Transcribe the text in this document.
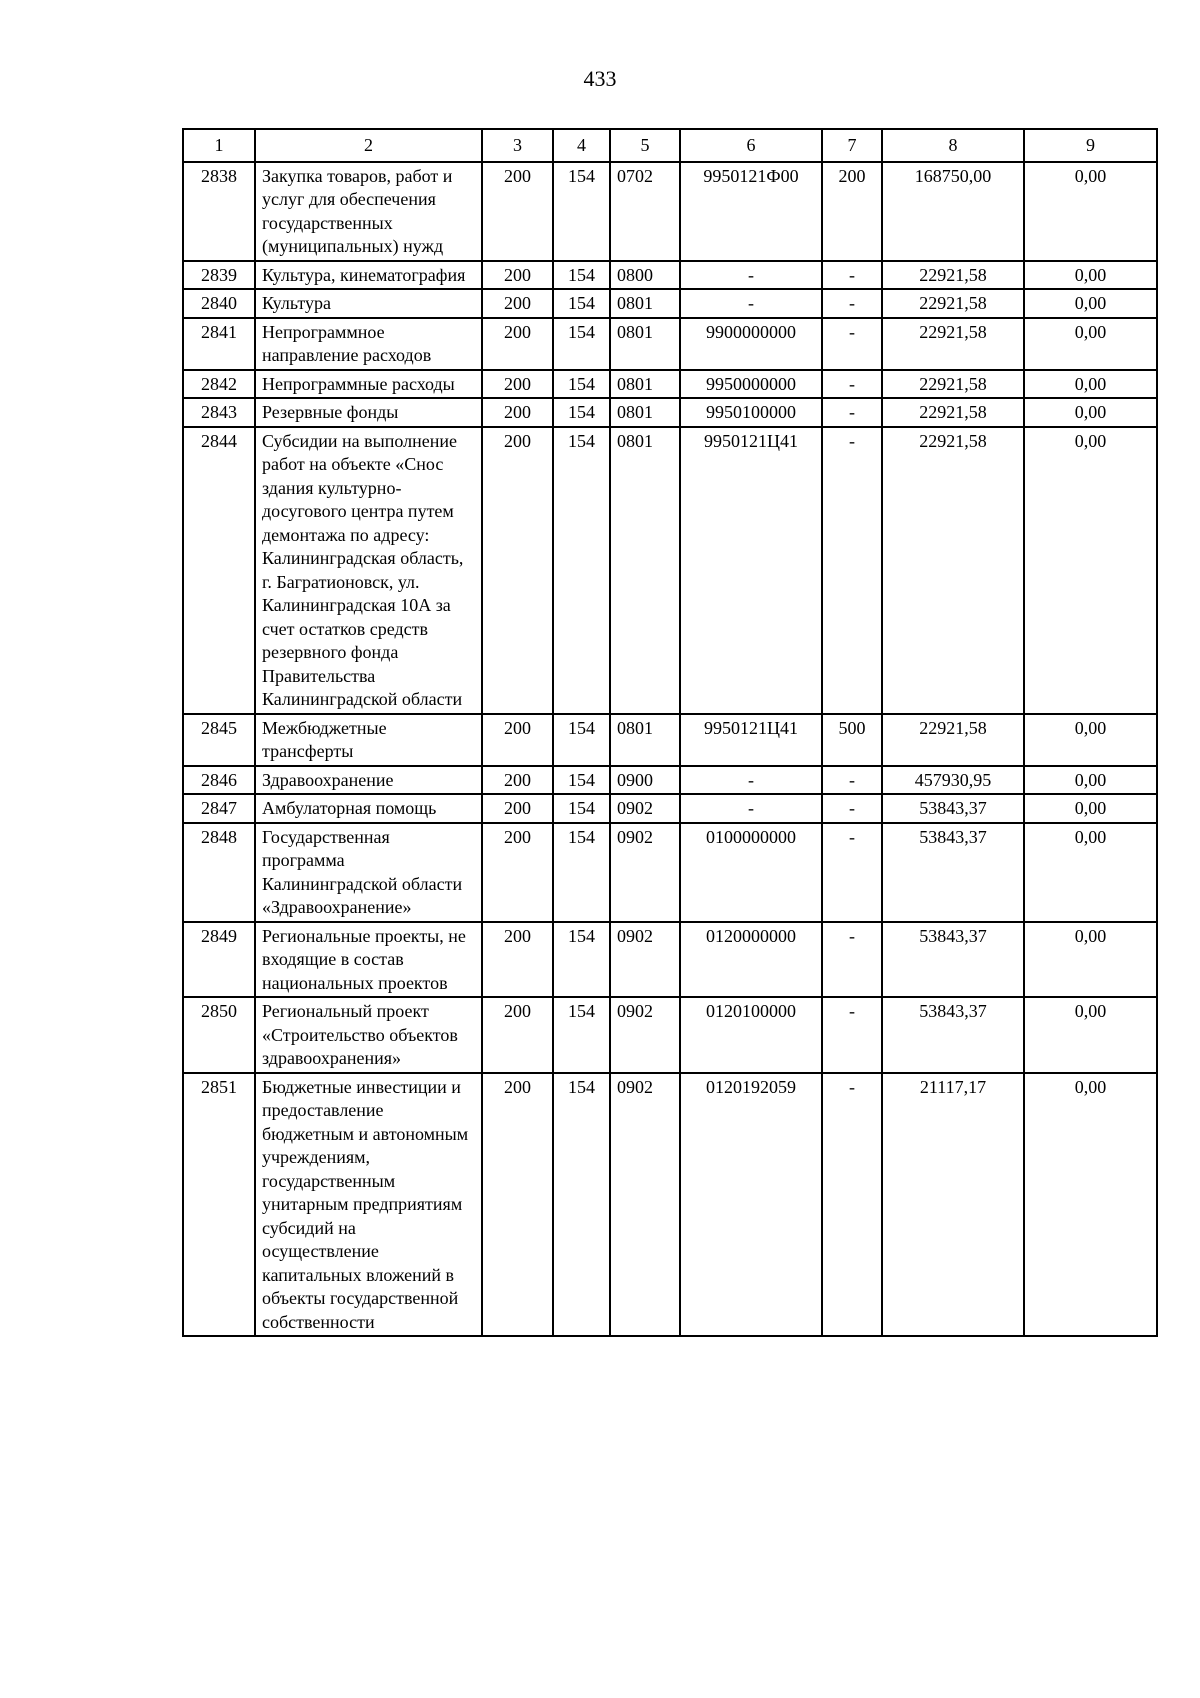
433
1	2	3	4	5	6	7	8	9
2838	Закупка товаров, работ и услуг для обеспечения государственных (муниципальных) нужд	200	154	0702	9950121Ф00	200	168750,00	0,00
2839	Культура, кинематография	200	154	0800	-	-	22921,58	0,00
2840	Культура	200	154	0801	-	-	22921,58	0,00
2841	Непрограммное направление расходов	200	154	0801	9900000000	-	22921,58	0,00
2842	Непрограммные расходы	200	154	0801	9950000000	-	22921,58	0,00
2843	Резервные фонды	200	154	0801	9950100000	-	22921,58	0,00
2844	Субсидии на выполнение работ на объекте «Снос здания культурно-досугового центра путем демонтажа по адресу: Калининградская область, г. Багратионовск, ул. Калининградская 10А за счет остатков средств резервного фонда Правительства Калининградской области	200	154	0801	9950121Ц41	-	22921,58	0,00
2845	Межбюджетные трансферты	200	154	0801	9950121Ц41	500	22921,58	0,00
2846	Здравоохранение	200	154	0900	-	-	457930,95	0,00
2847	Амбулаторная помощь	200	154	0902	-	-	53843,37	0,00
2848	Государственная программа Калининградской области «Здравоохранение»	200	154	0902	0100000000	-	53843,37	0,00
2849	Региональные проекты, не входящие в состав национальных проектов	200	154	0902	0120000000	-	53843,37	0,00
2850	Региональный проект «Строительство объектов здравоохранения»	200	154	0902	0120100000	-	53843,37	0,00
2851	Бюджетные инвестиции и предоставление бюджетным и автономным учреждениям, государственным унитарным предприятиям субсидий на осуществление капитальных вложений в объекты государственной собственности	200	154	0902	0120192059	-	21117,17	0,00
